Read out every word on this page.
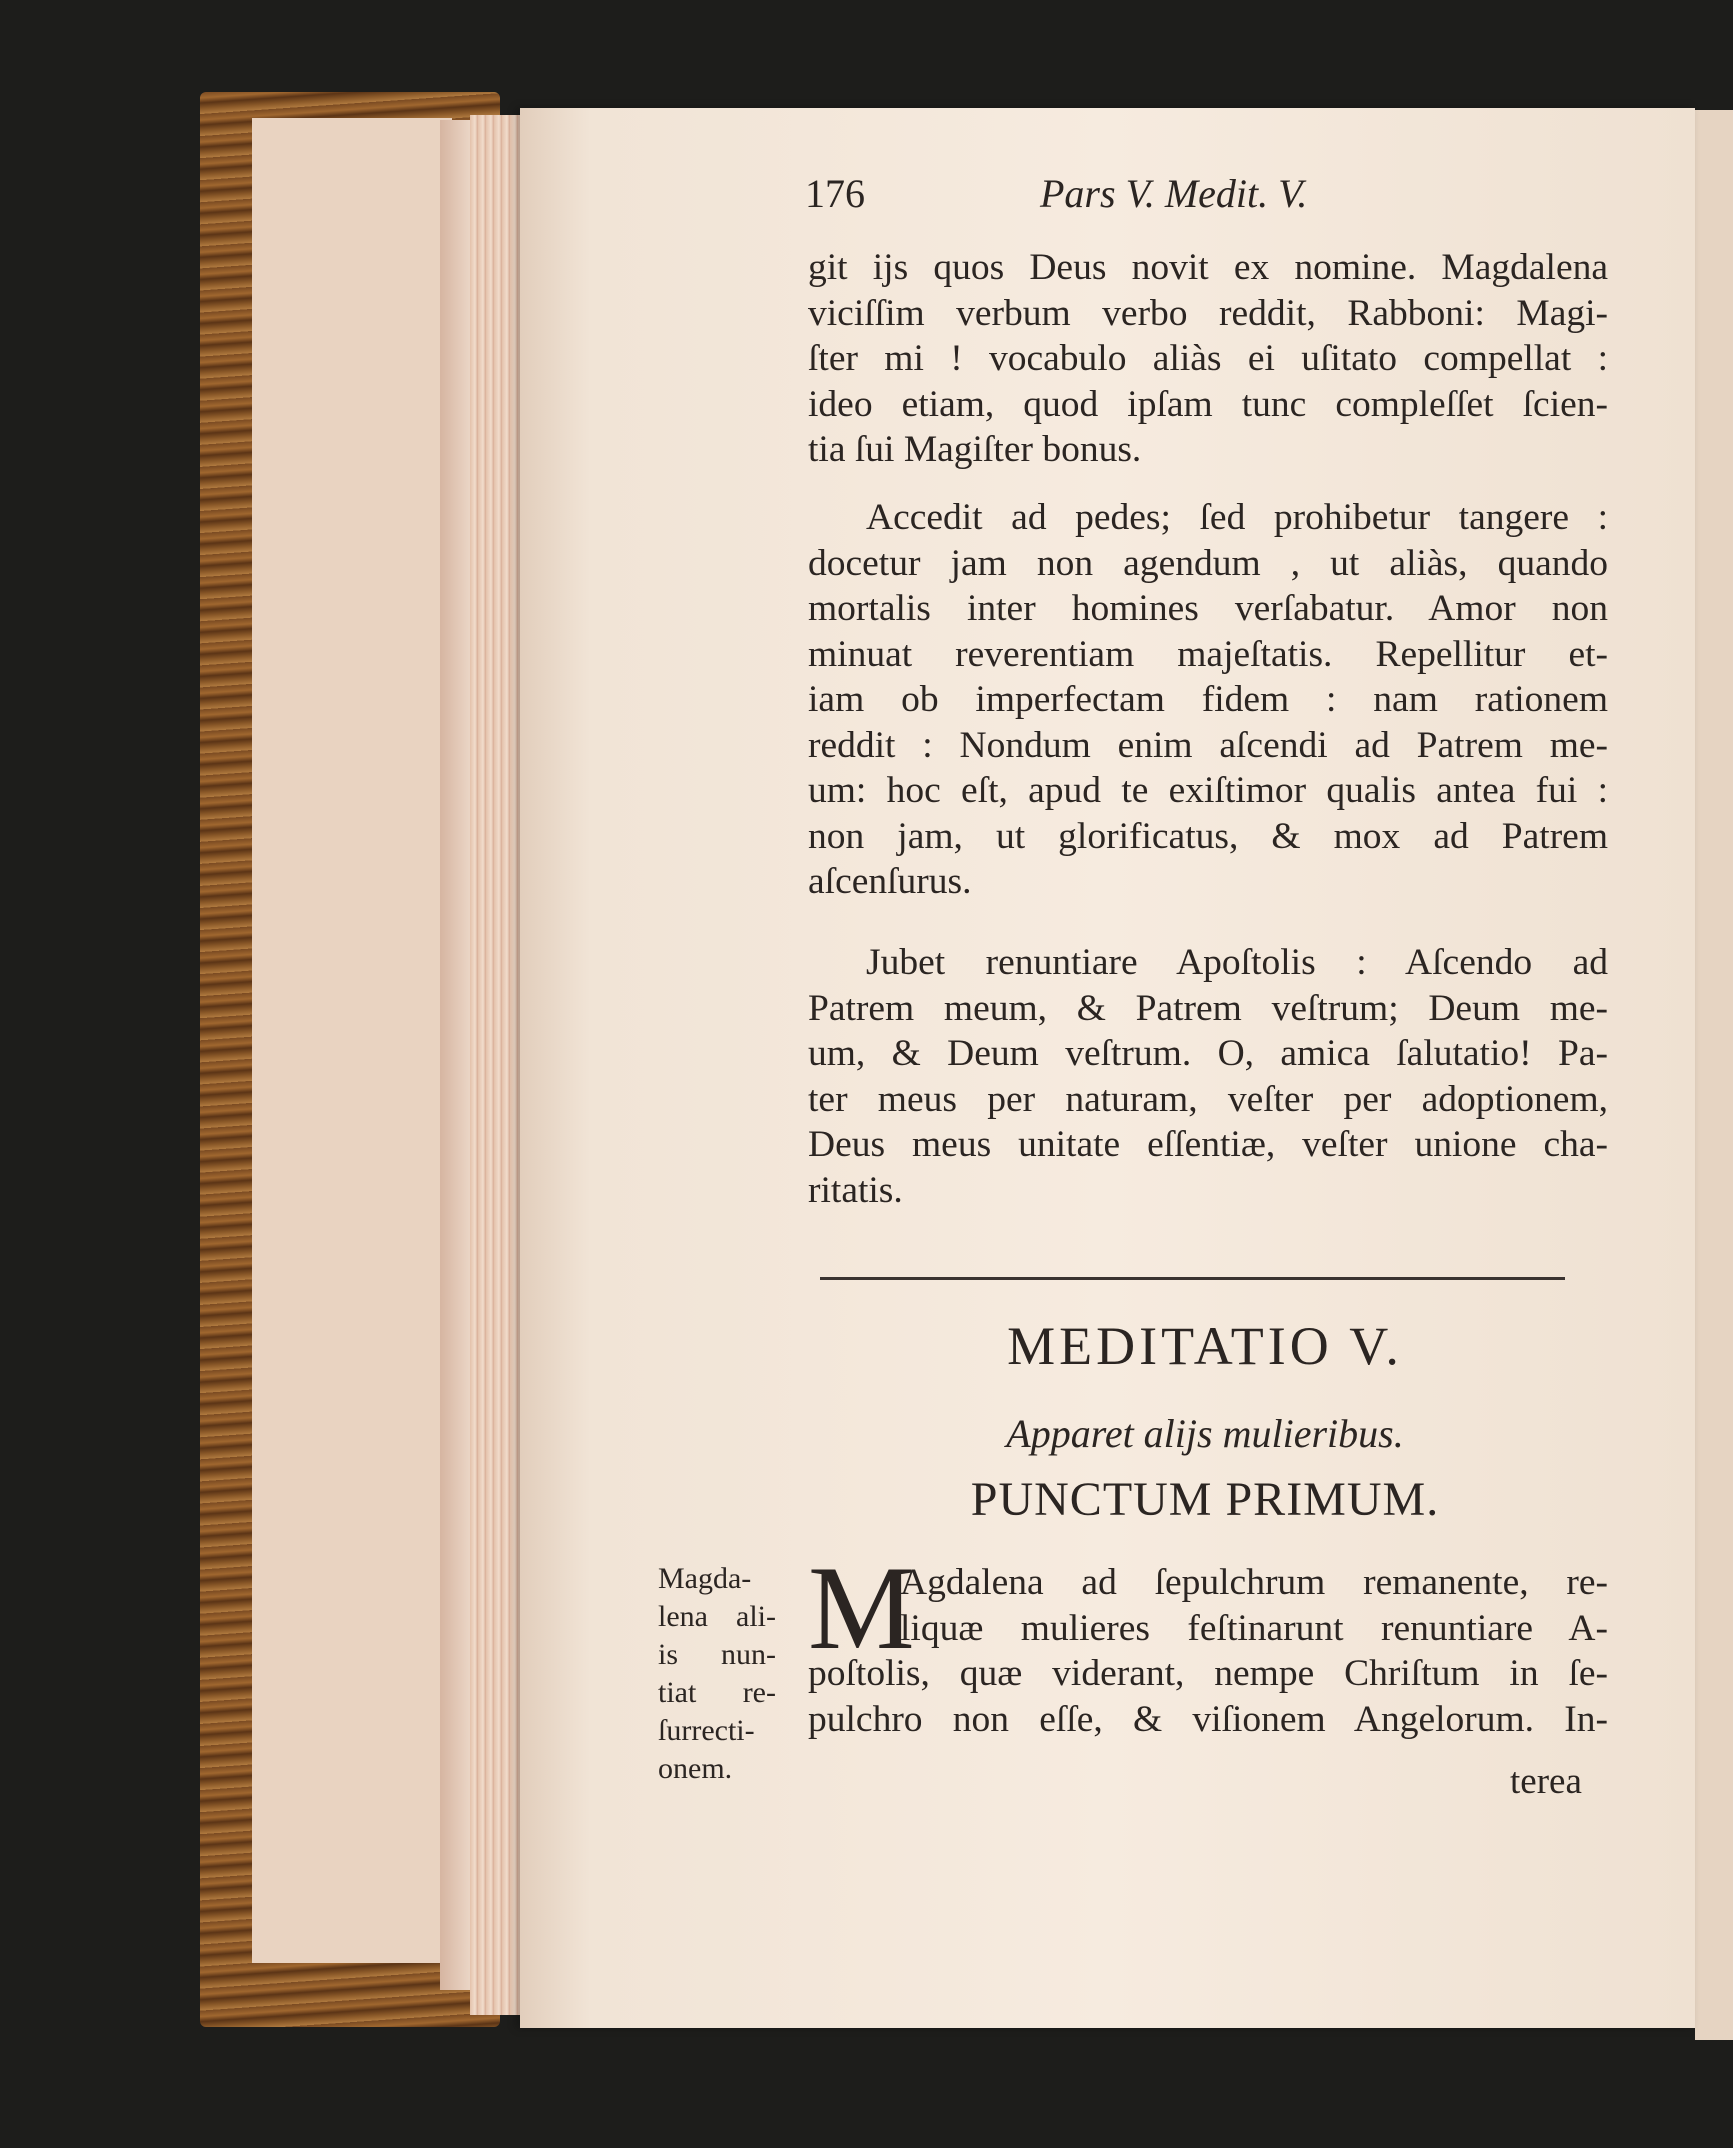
176	Pars V. Medit. V.
git ijs quos Deus novit ex nomine. Magdalena
viciſſim verbum verbo reddit, Rabboni: Magi-
ſter mi ! vocabulo aliàs ei uſitato compellat :
ideo etiam, quod ipſam tunc compleſſet ſcien-
tia ſui Magiſter bonus.
Accedit ad pedes; ſed prohibetur tangere :
docetur jam non agendum , ut aliàs, quando
mortalis inter homines verſabatur. Amor non
minuat reverentiam majeſtatis. Repellitur et-
iam ob imperfectam fidem : nam rationem
reddit : Nondum enim aſcendi ad Patrem me-
um: hoc eſt, apud te exiſtimor qualis antea fui :
non jam, ut glorificatus, & mox ad Patrem
aſcenſurus.
Jubet renuntiare Apoſtolis : Aſcendo ad
Patrem meum, & Patrem veſtrum; Deum me-
um, & Deum veſtrum. O, amica ſalutatio! Pa-
ter meus per naturam, veſter per adoptionem,
Deus meus unitate eſſentiæ, veſter unione cha-
ritatis.
MEDITATIO V.
Apparet alijs mulieribus.
PUNCTUM PRIMUM.
Magda-
lena ali-
is nun-
tiat re-
ſurrecti-
onem.
M
Agdalena ad ſepulchrum remanente, re-
liquæ mulieres feſtinarunt renuntiare A-
poſtolis, quæ viderant, nempe Chriſtum in ſe-
pulchro non eſſe, & viſionem Angelorum. In-
terea
